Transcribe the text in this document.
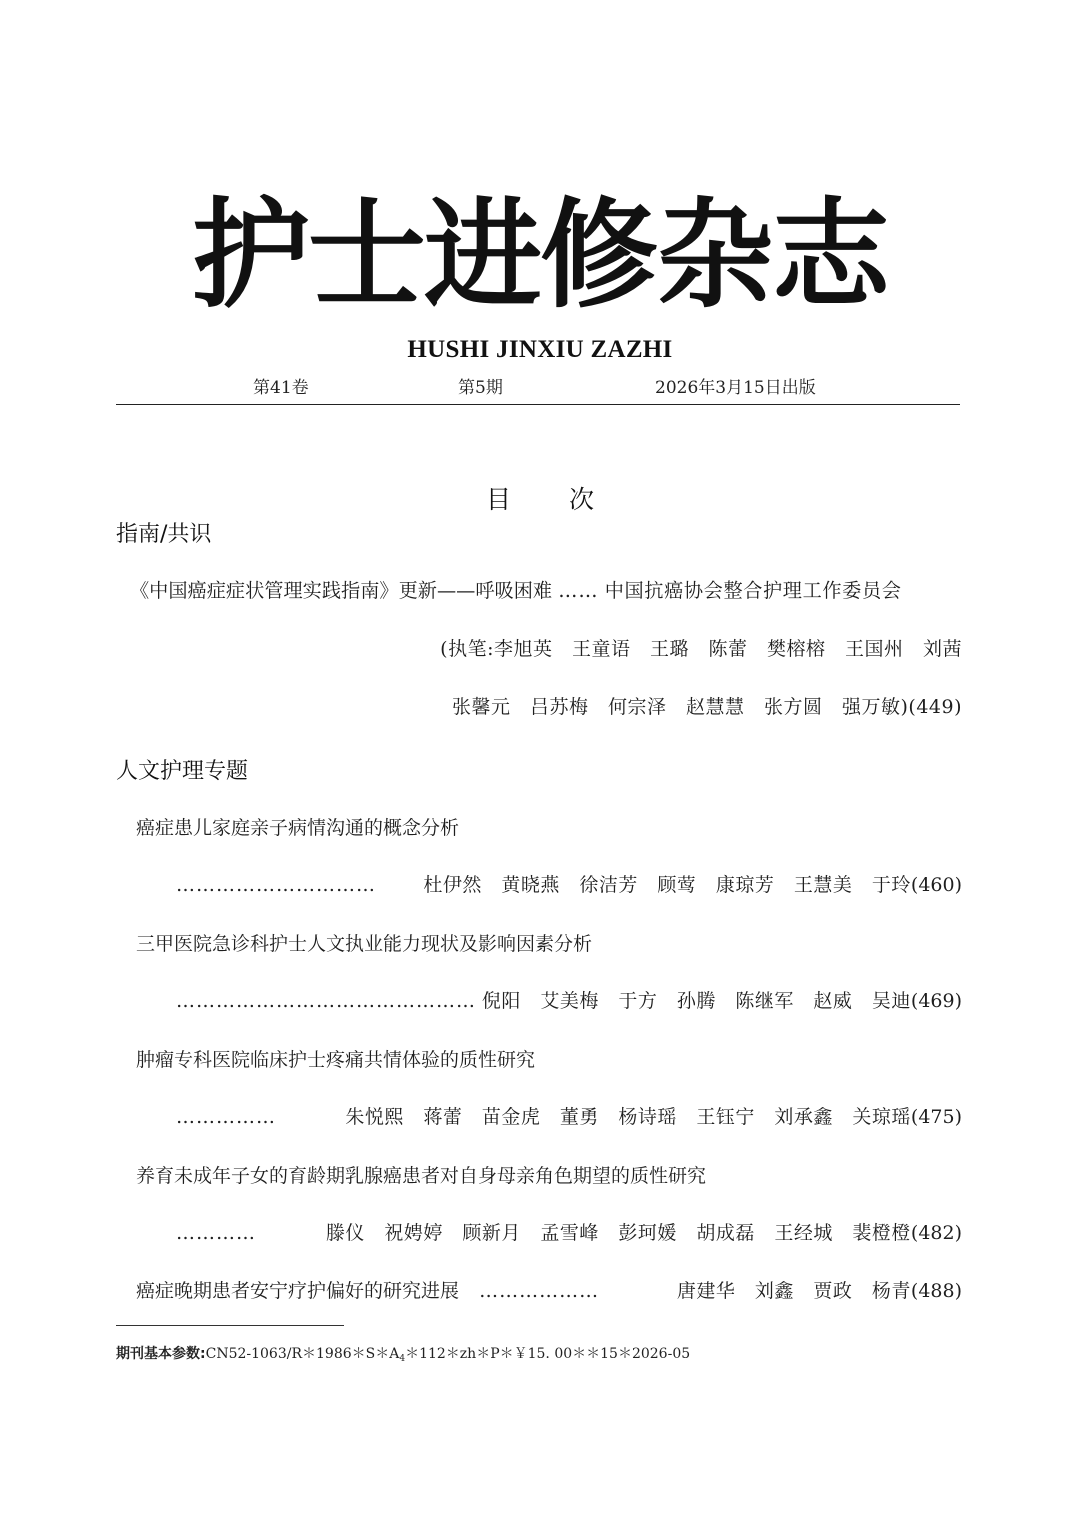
护士进修杂志
HUSHI JINXIU ZAZHI
第41卷	第5期	2026年3月15日出版
目 次
指南/共识
《中国癌症症状管理实践指南》更新——呼吸困难 …… 中国抗癌协会整合护理工作委员会
(执笔:李旭英　王童语　王璐　陈蕾　樊榕榕　王国州　刘茜
张馨元　吕苏梅　何宗泽　赵慧慧　张方圆　强万敏)(449)
人文护理专题
癌症患儿家庭亲子病情沟通的概念分析
………………………… 杜伊然　黄晓燕　徐洁芳　顾莺　康琼芳　王慧美　于玲(460)
三甲医院急诊科护士人文执业能力现状及影响因素分析
……………………………………… 倪阳　艾美梅　于方　孙腾　陈继军　赵威　吴迪(469)
肿瘤专科医院临床护士疼痛共情体验的质性研究
……………	朱悦熙　蒋蕾　苗金虎　董勇　杨诗瑶　王钰宁　刘承鑫　关琼瑶(475)
养育未成年子女的育龄期乳腺癌患者对自身母亲角色期望的质性研究
…………	滕仪　祝娉婷　顾新月　孟雪峰　彭珂媛　胡成磊　王经城　裴橙橙(482)
癌症晚期患者安宁疗护偏好的研究进展 ………………	唐建华　刘鑫　贾政　杨青(488)
期刊基本参数$:CN52-1063/R*1986*S*A_4*112*zh*P*$￥15. 00＊＊15＊2026-05
